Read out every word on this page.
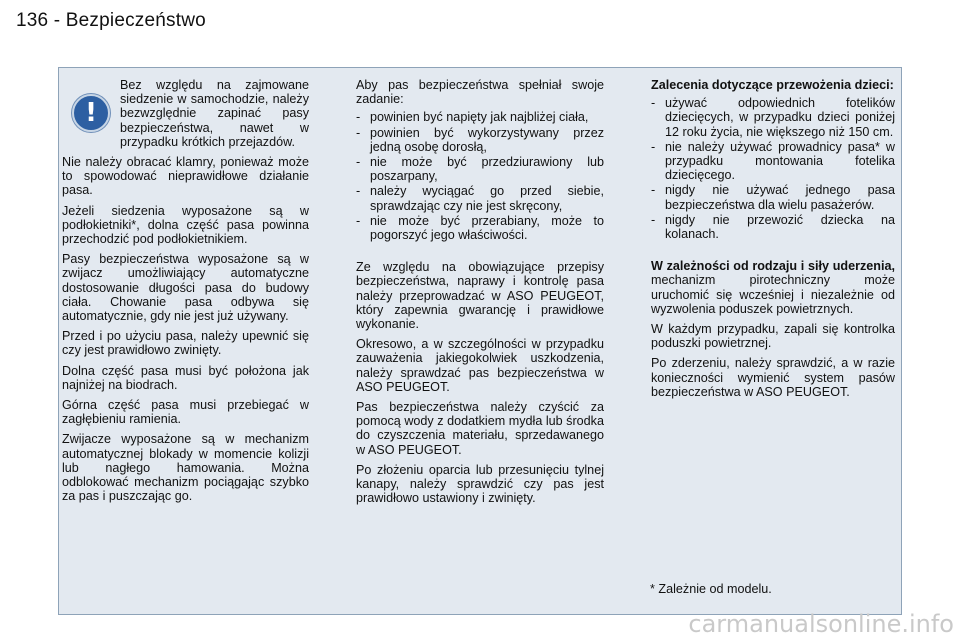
136 - Bezpieczeństwo
!

Bez względu na zajmowane siedzenie w samochodzie, należy bezwzględnie zapinać pasy bezpieczeństwa, nawet w przypadku krótkich przejazdów.

Nie należy obracać klamry, ponieważ może to spowodować nieprawidłowe działanie pasa.

Jeżeli siedzenia wyposażone są w podłokietniki*, dolna część pasa powinna przechodzić pod podłokietnikiem.

Pasy bezpieczeństwa wyposażone są w zwijacz umożliwiający automatyczne dostosowanie długości pasa do budowy ciała. Chowanie pasa odbywa się automatycznie, gdy nie jest już używany.

Przed i po użyciu pasa, należy upewnić się czy jest prawidłowo zwinięty.

Dolna część pasa musi być położona jak najniżej na biodrach.

Górna część pasa musi przebiegać w zagłębieniu ramienia.

Zwijacze wyposażone są w mechanizm automatycznej blokady w momencie kolizji lub nagłego hamowania. Można odblokować mechanizm pociągając szybko za pas i puszczając go.

Aby pas bezpieczeństwa spełniał swoje zadanie:

- powinien być napięty jak najbliżej ciała,
- powinien być wykorzystywany przez jedną osobę dorosłą,
- nie może być przedziurawiony lub poszarpany,
- należy wyciągać go przed siebie, sprawdzając czy nie jest skręcony,
- nie może być przerabiany, może to pogorszyć jego właściwości.

Ze względu na obowiązujące przepisy bezpieczeństwa, naprawy i kontrolę pasa należy przeprowadzać w ASO PEUGEOT, który zapewnia gwarancję i prawidłowe wykonanie.

Okresowo, a w szczególności w przypadku zauważenia jakiegokolwiek uszkodzenia, należy sprawdzać pas bezpieczeństwa w ASO PEUGEOT.

Pas bezpieczeństwa należy czyścić za pomocą wody z dodatkiem mydła lub środka do czyszczenia materiału, sprzedawanego w ASO PEUGEOT.

Po złożeniu oparcia lub przesunięciu tylnej kanapy, należy sprawdzić czy pas jest prawidłowo ustawiony i zwinięty.

Zalecenia dotyczące przewożenia dzieci:

- używać odpowiednich fotelików dziecięcych, w przypadku dzieci poniżej 12 roku życia, nie większego niż 150 cm.
- nie należy używać prowadnicy pasa* w przypadku montowania fotelika dziecięcego.
- nigdy nie używać jednego pasa bezpieczeństwa dla wielu pasażerów.
- nigdy nie przewozić dziecka na kolanach.

W zależności od rodzaju i siły uderzenia, mechanizm pirotechniczny może uruchomić się wcześniej i niezależnie od wyzwolenia poduszek powietrznych.

W każdym przypadku, zapali się kontrolka poduszki powietrznej.

Po zderzeniu, należy sprawdzić, a w razie konieczności wymienić system pasów bezpieczeństwa w ASO PEUGEOT.

* Zależnie od modelu.
carmanualsonline.info
